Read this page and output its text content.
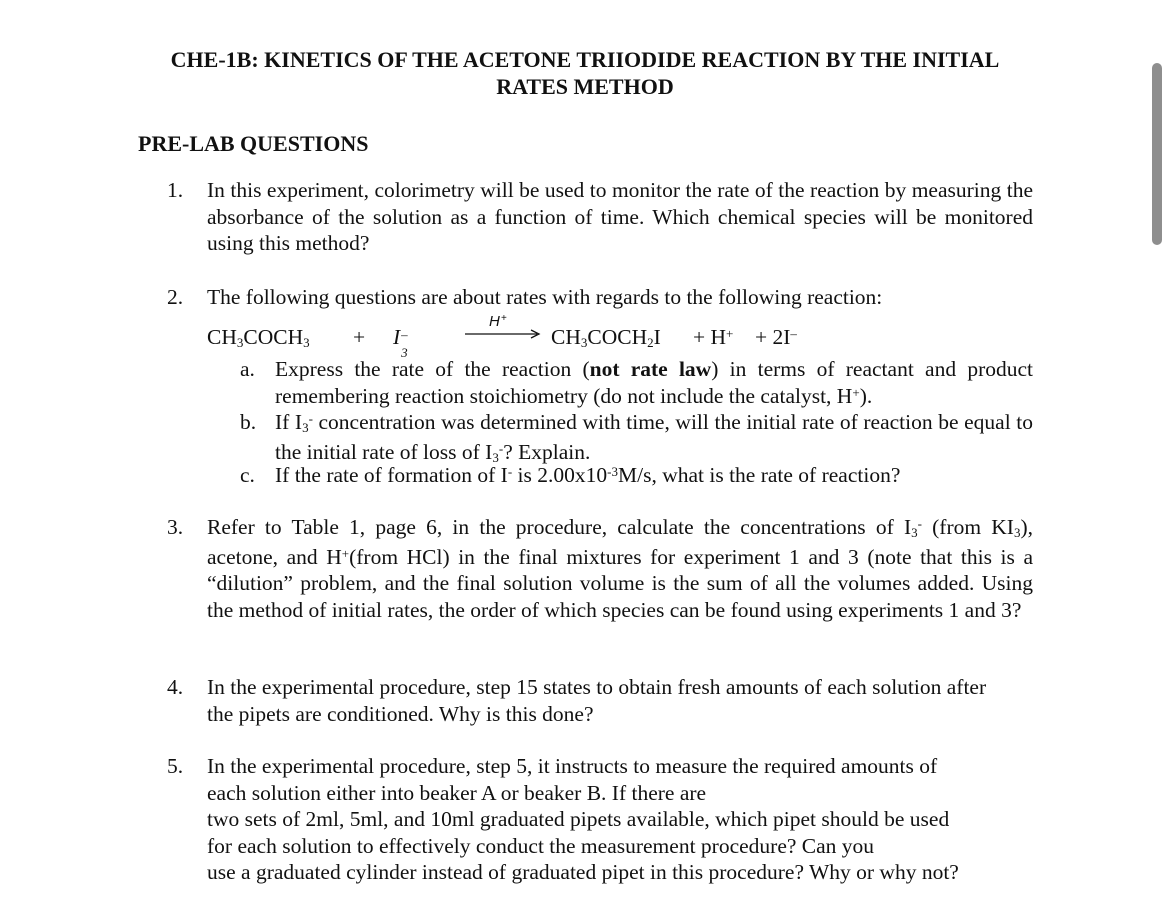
CHE-1B: KINETICS OF THE ACETONE TRIIODIDE REACTION BY THE INITIAL
RATES METHOD
PRE-LAB QUESTIONS
1. In this experiment, colorimetry will be used to monitor the rate of the reaction by measuring the absorbance of the solution as a function of time. Which chemical species will be monitored using this method?
2. The following questions are about rates with regards to the following reaction:
$CH_3COCH_3 + I$ –
3
H +
$CH_3COCH_2I + H^+ + 2I^-$
a. Express the rate of the reaction (not rate law) in terms of reactant and product remembering reaction stoichiometry (do not include the catalyst, H+).
b. If $I_3^-$ concentration was determined with time, will the initial rate of reaction be equal to the initial rate of loss of $I_3^-$? Explain.
c. If the rate of formation of I- is $2.00x10^{-3}M/s$, what is the rate of reaction?
3. Refer to Table 1, page 6, in the procedure, calculate the concentrations of $I_3^-$ (from $KI_3$), acetone, and H+(from HCl) in the final mixtures for experiment 1 and 3 (note that this is a “dilution” problem, and the final solution volume is the sum of all the volumes added. Using the method of initial rates, the order of which species can be found using experiments 1 and 3?
4. In the experimental procedure, step 15 states to obtain fresh amounts of each solution after the pipets are conditioned. Why is this done?
5. In the experimental procedure, step 5, it instructs to measure the required amounts of
each solution either into beaker A or beaker B. If there are
two sets of 2ml, 5ml, and 10ml graduated pipets available, which pipet should be used
for each solution to effectively conduct the measurement procedure? Can you
use a graduated cylinder instead of graduated pipet in this procedure? Why or why not?
